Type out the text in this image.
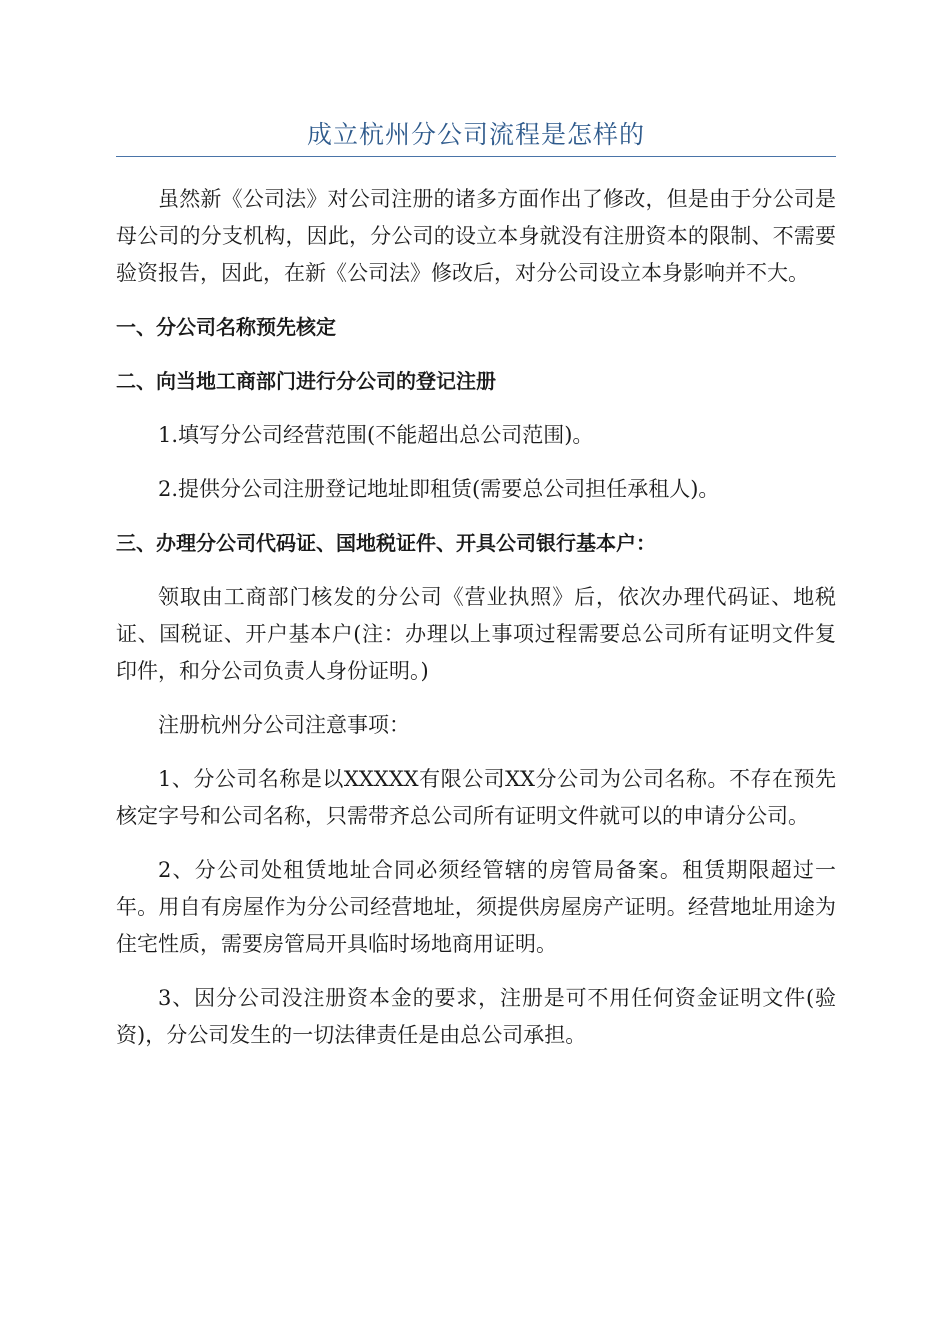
成立杭州分公司流程是怎样的

虽然新《公司法》对公司注册的诸多方面作出了修改，但是由于分公司是母公司的分支机构，因此，分公司的设立本身就没有注册资本的限制、不需要验资报告，因此，在新《公司法》修改后，对分公司设立本身影响并不大。

一、分公司名称预先核定

二、向当地工商部门进行分公司的登记注册

1.填写分公司经营范围(不能超出总公司范围)。

2.提供分公司注册登记地址即租赁(需要总公司担任承租人)。

三、办理分公司代码证、国地税证件、开具公司银行基本户：

领取由工商部门核发的分公司《营业执照》后，依次办理代码证、地税证、国税证、开户基本户(注：办理以上事项过程需要总公司所有证明文件复印件，和分公司负责人身份证明。)

注册杭州分公司注意事项：

1、分公司名称是以XXXXX有限公司XX分公司为公司名称。不存在预先核定字号和公司名称，只需带齐总公司所有证明文件就可以的申请分公司。

2、分公司处租赁地址合同必须经管辖的房管局备案。租赁期限超过一年。用自有房屋作为分公司经营地址，须提供房屋房产证明。经营地址用途为住宅性质，需要房管局开具临时场地商用证明。

3、因分公司没注册资本金的要求，注册是可不用任何资金证明文件(验资)，分公司发生的一切法律责任是由总公司承担。
